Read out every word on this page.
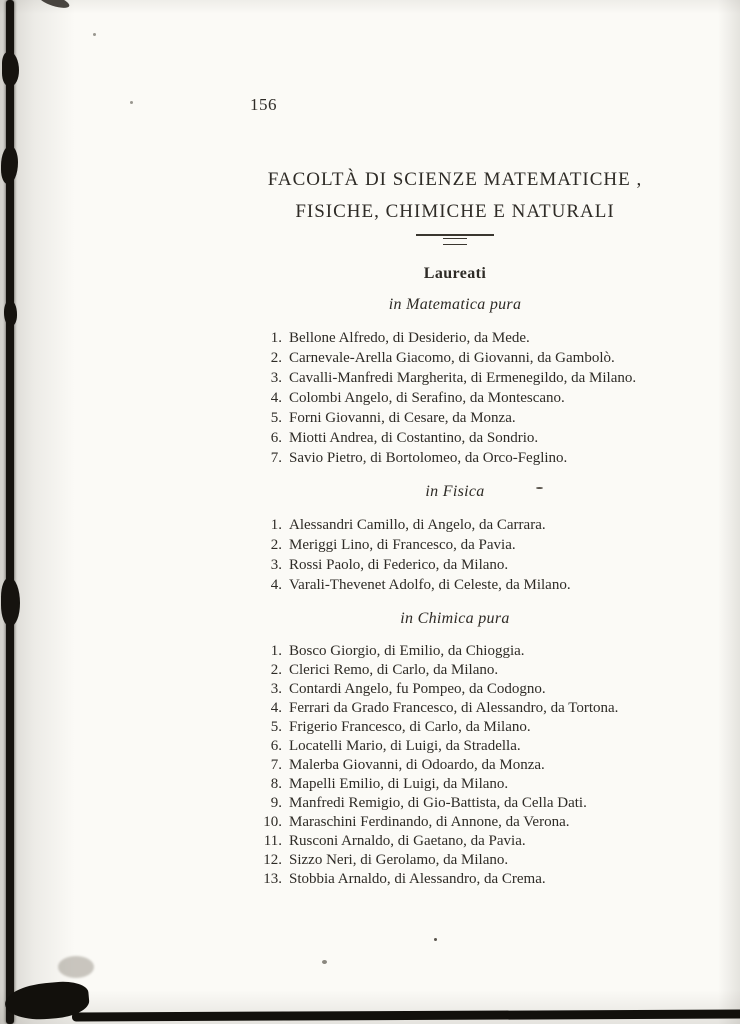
156
FACOLTÀ DI SCIENZE MATEMATICHE ,
FISICHE, CHIMICHE E NATURALI
Laureati
in Matematica pura
1. Bellone Alfredo, di Desiderio, da Mede.
2. Carnevale-Arella Giacomo, di Giovanni, da Gambolò.
3. Cavalli-Manfredi Margherita, di Ermenegildo, da Milano.
4. Colombi Angelo, di Serafino, da Montescano.
5. Forni Giovanni, di Cesare, da Monza.
6. Miotti Andrea, di Costantino, da Sondrio.
7. Savio Pietro, di Bortolomeo, da Orco-Feglino.
in Fisica
1. Alessandri Camillo, di Angelo, da Carrara.
2. Meriggi Lino, di Francesco, da Pavia.
3. Rossi Paolo, di Federico, da Milano.
4. Varali-Thevenet Adolfo, di Celeste, da Milano.
in Chimica pura
1. Bosco Giorgio, di Emilio, da Chioggia.
2. Clerici Remo, di Carlo, da Milano.
3. Contardi Angelo, fu Pompeo, da Codogno.
4. Ferrari da Grado Francesco, di Alessandro, da Tortona.
5. Frigerio Francesco, di Carlo, da Milano.
6. Locatelli Mario, di Luigi, da Stradella.
7. Malerba Giovanni, di Odoardo, da Monza.
8. Mapelli Emilio, di Luigi, da Milano.
9. Manfredi Remigio, di Gio-Battista, da Cella Dati.
10. Maraschini Ferdinando, di Annone, da Verona.
11. Rusconi Arnaldo, di Gaetano, da Pavia.
12. Sizzo Neri, di Gerolamo, da Milano.
13. Stobbia Arnaldo, di Alessandro, da Crema.
